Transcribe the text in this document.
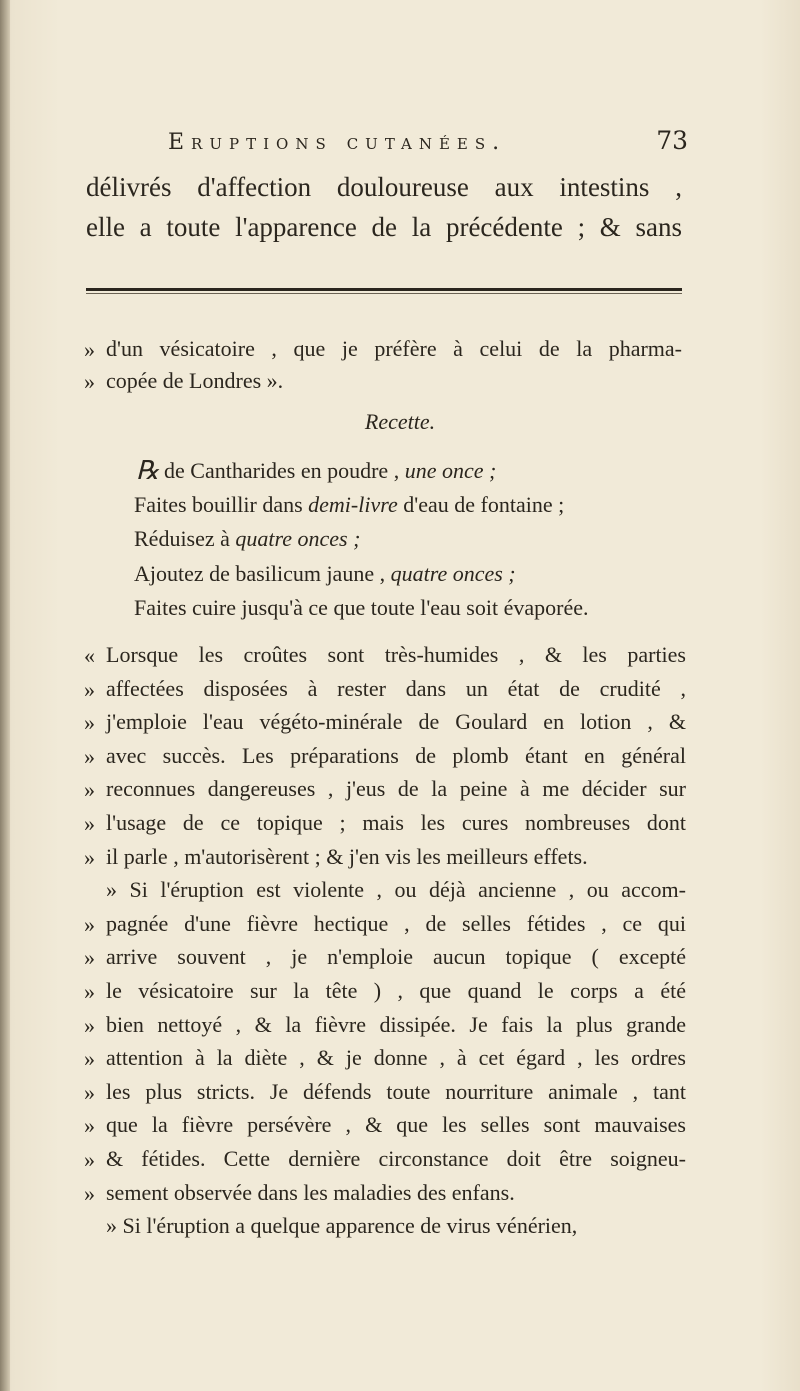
Eruptions cutanées.	73
délivrés d'affection douloureuse aux intestins ,
elle a toute l'apparence de la précédente ; & sans
» d'un vésicatoire , que je préfère à celui de la pharma-
» copée de Londres ».
Recette.
℞ de Cantharides en poudre , une once ;
Faites bouillir dans demi-livre d'eau de fontaine ;
Réduisez à quatre onces ;
Ajoutez de basilicum jaune , quatre onces ;
Faites cuire jusqu'à ce que toute l'eau soit évaporée.
« Lorsque les croûtes sont très-humides , & les parties
» affectées disposées à rester dans un état de crudité ,
» j'emploie l'eau végéto-minérale de Goulard en lotion , &
» avec succès. Les préparations de plomb étant en général
» reconnues dangereuses , j'eus de la peine à me décider sur
» l'usage de ce topique ; mais les cures nombreuses dont
» il parle , m'autorisèrent ; & j'en vis les meilleurs effets.
» Si l'éruption est violente , ou déjà ancienne , ou accom-
» pagnée d'une fièvre hectique , de selles fétides , ce qui
» arrive souvent , je n'emploie aucun topique ( excepté
» le vésicatoire sur la tête ) , que quand le corps a été
» bien nettoyé , & la fièvre dissipée. Je fais la plus grande
» attention à la diète , & je donne , à cet égard , les ordres
» les plus stricts. Je défends toute nourriture animale , tant
» que la fièvre persévère , & que les selles sont mauvaises
» & fétides. Cette dernière circonstance doit être soigneu-
» sement observée dans les maladies des enfans.
» Si l'éruption a quelque apparence de virus vénérien,
